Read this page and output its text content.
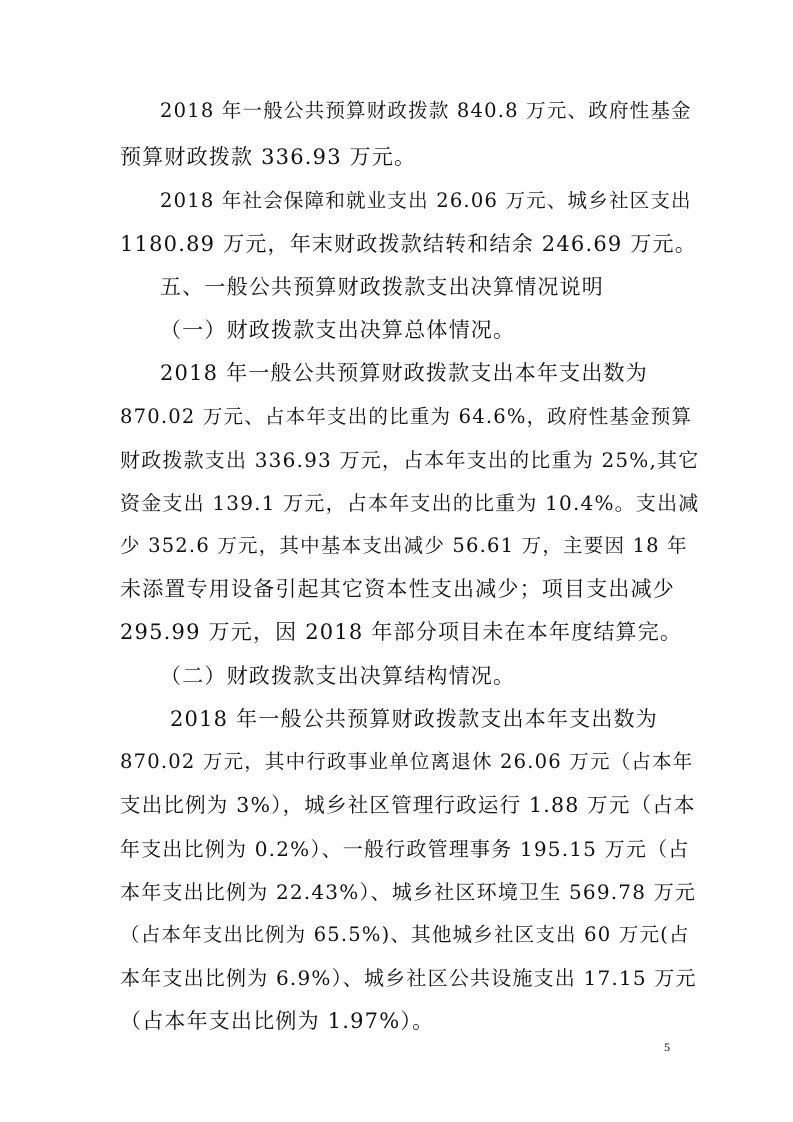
2018 年一般公共预算财政拨款 840.8 万元、政府性基金

预算财政拨款 336.93 万元。

2018 年社会保障和就业支出 26.06 万元、城乡社区支出

1180.89 万元，年末财政拨款结转和结余 246.69 万元。

五、一般公共预算财政拨款支出决算情况说明

（一）财政拨款支出决算总体情况。

2018 年一般公共预算财政拨款支出本年支出数为

870.02 万元、占本年支出的比重为 64.6%，政府性基金预算

财政拨款支出 336.93 万元，占本年支出的比重为 25%,其它

资金支出 139.1 万元，占本年支出的比重为 10.4%。支出减

少 352.6 万元，其中基本支出减少 56.61 万，主要因 18 年

未添置专用设备引起其它资本性支出减少；项目支出减少

295.99 万元，因 2018 年部分项目未在本年度结算完。

（二）财政拨款支出决算结构情况。

2018 年一般公共预算财政拨款支出本年支出数为

870.02 万元，其中行政事业单位离退休 26.06 万元（占本年

支出比例为 3%），城乡社区管理行政运行 1.88 万元（占本

年支出比例为 0.2%）、一般行政管理事务 195.15 万元（占

本年支出比例为 22.43%）、城乡社区环境卫生 569.78 万元

（占本年支出比例为 65.5%)、其他城乡社区支出 60 万元(占

本年支出比例为 6.9%）、城乡社区公共设施支出 17.15 万元

（占本年支出比例为 1.97%）。

5
